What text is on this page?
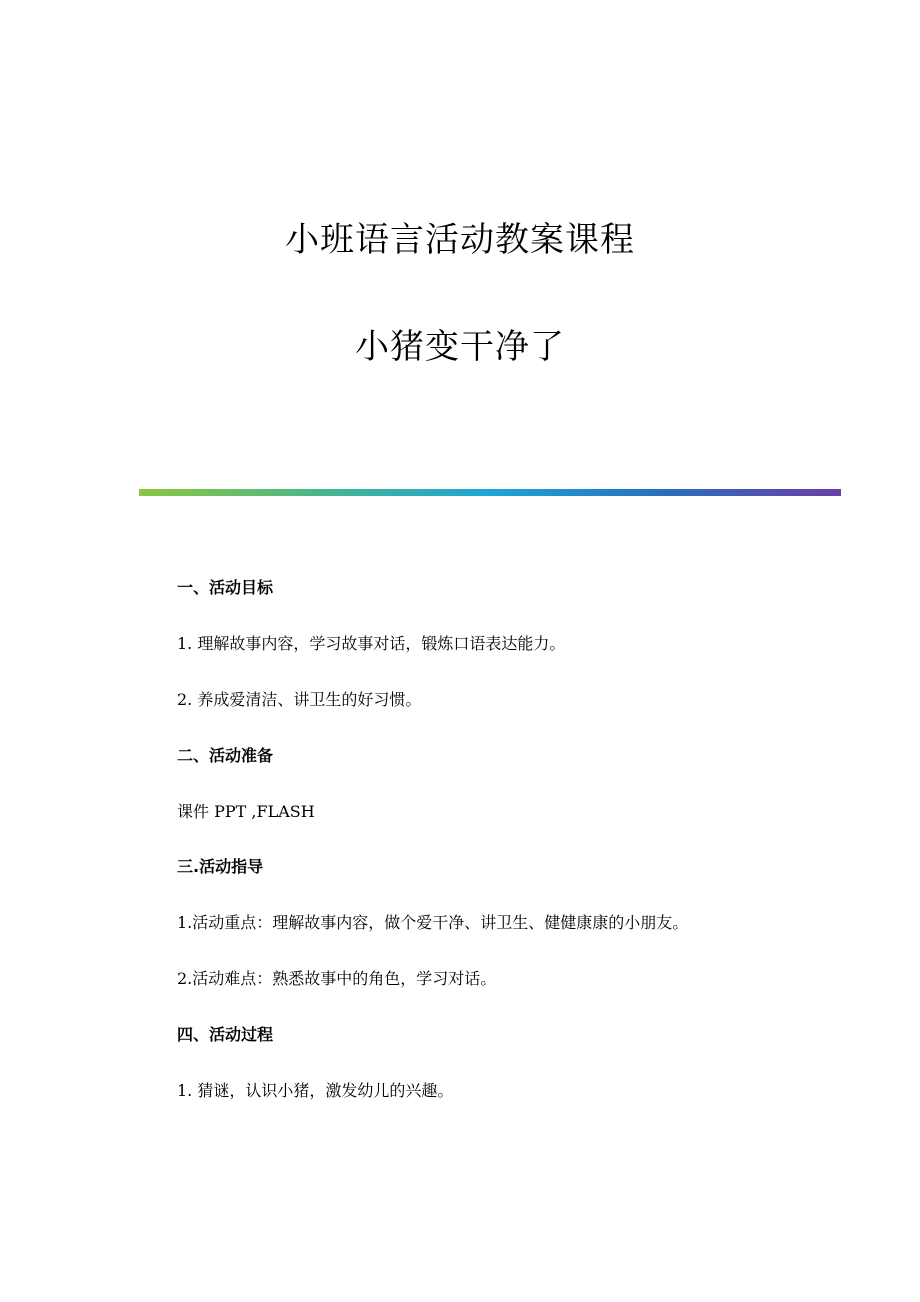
小班语言活动教案课程
小猪变干净了
一、活动目标
1. 理解故事内容，学习故事对话，锻炼口语表达能力。
2. 养成爱清洁、讲卫生的好习惯。
二、活动准备
课件 PPT ,FLASH
三.活动指导
1.活动重点：理解故事内容，做个爱干净、讲卫生、健健康康的小朋友。
2.活动难点：熟悉故事中的角色，学习对话。
四、活动过程
1. 猜谜，认识小猪，激发幼儿的兴趣。
